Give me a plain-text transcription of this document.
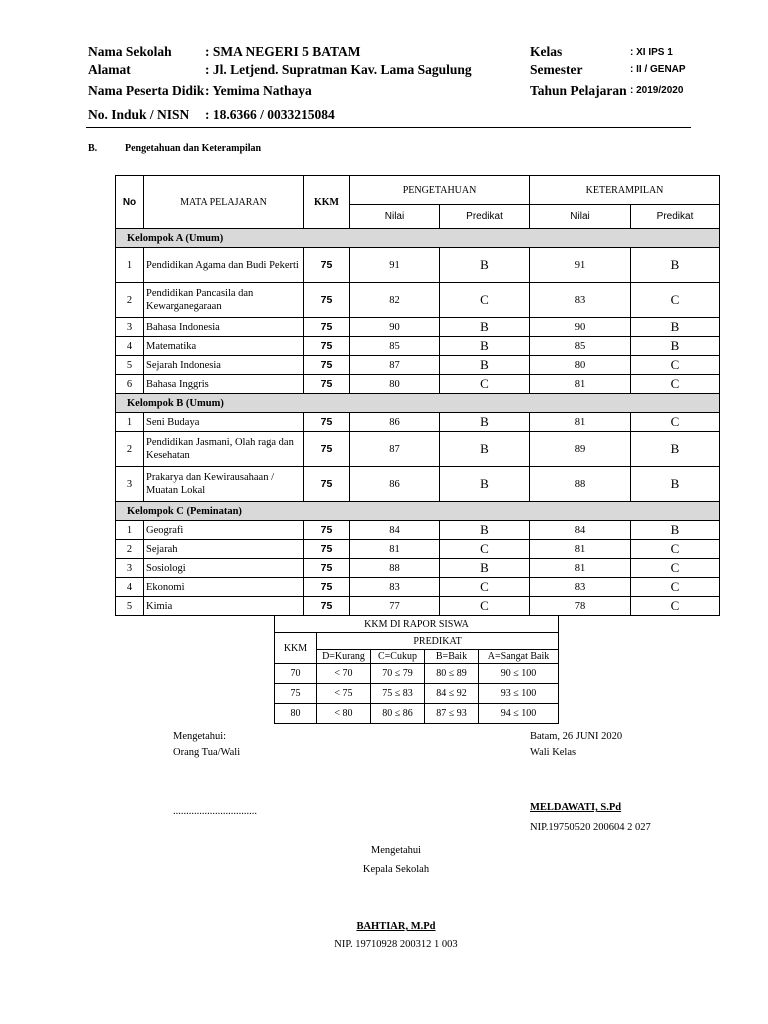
Nama Sekolah : SMA NEGERI 5 BATAM
Alamat	: Jl. Letjend. Supratman Kav. Lama Sagulung
Nama Peserta Didik : Yemima Nathaya
No. Induk / NISN : 18.6366 / 0033215084
Kelas	: XI IPS 1
Semester	: II / GENAP
Tahun Pelajaran : 2019/2020
B.	Pengetahuan dan Keterampilan
No	MATA PELAJARAN	KKM	PENGETAHUAN		KETERAMPILAN	
			Nilai	Predikat	Nilai	Predikat
Kelompok A (Umum)						
1	Pendidikan Agama dan Budi Pekerti	75	91	B	91	B
2	Pendidikan Pancasila dan Kewarganegaraan	75	82	C	83	C
3	Bahasa Indonesia	75	90	B	90	B
4	Matematika	75	85	B	85	B
5	Sejarah Indonesia	75	87	B	80	C
6	Bahasa Inggris	75	80	C	81	C
Kelompok B (Umum)						
1	Seni Budaya	75	86	B	81	C
2	Pendidikan Jasmani, Olah raga dan Kesehatan	75	87	B	89	B
3	Prakarya dan Kewirausahaan / Muatan Lokal	75	86	B	88	B
Kelompok C (Peminatan)						
1	Geografi	75	84	B	84	B
2	Sejarah	75	81	C	81	C
3	Sosiologi	75	88	B	81	C
4	Ekonomi	75	83	C	83	C
5	Kimia	75	77	C	78	C
KKM DI RAPOR SISWA				
KKM	PREDIKAT			
	D=Kurang	C=Cukup	B=Baik	A=Sangat Baik
70	< 70	70 ≤ 79	80 ≤ 89	90 ≤ 100
75	< 75	75 ≤ 83	84 ≤ 92	93 ≤ 100
80	< 80	80 ≤ 86	87 ≤ 93	94 ≤ 100
Mengetahui:
Orang Tua/Wali
................................
Batam, 26 JUNI 2020
Wali Kelas
MELDAWATI, S.Pd
NIP.19750520 200604 2 027
Mengetahui
Kepala Sekolah
BAHTIAR, M.Pd
NIP. 19710928 200312 1 003
